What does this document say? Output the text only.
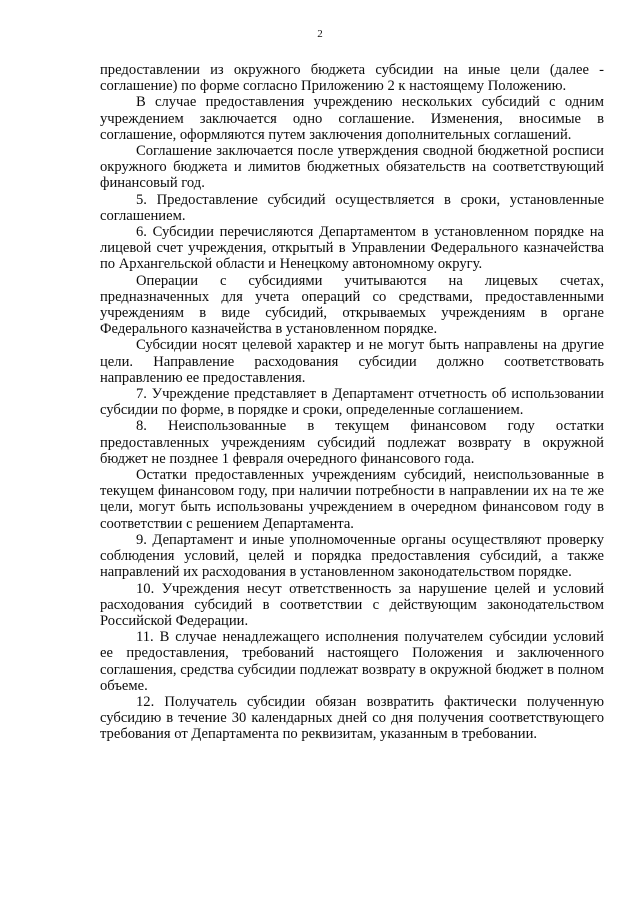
2

предоставлении из окружного бюджета субсидии на иные цели (далее - соглашение) по форме согласно Приложению 2 к настоящему Положению.

В случае предоставления учреждению нескольких субсидий с одним учреждением заключается одно соглашение. Изменения, вносимые в соглашение, оформляются путем заключения дополнительных соглашений.

Соглашение заключается после утверждения сводной бюджетной росписи окружного бюджета и лимитов бюджетных обязательств на соответствующий финансовый год.

5. Предоставление субсидий осуществляется в сроки, установленные соглашением.

6. Субсидии перечисляются Департаментом в установленном порядке на лицевой счет учреждения, открытый в Управлении Федерального казначейства по Архангельской области и Ненецкому автономному округу.

Операции с субсидиями учитываются на лицевых счетах, предназначенных для учета операций со средствами, предоставленными учреждениям в виде субсидий, открываемых учреждениям в органе Федерального казначейства в установленном порядке.

Субсидии носят целевой характер и не могут быть направлены на другие цели. Направление расходования субсидии должно соответствовать направлению ее предоставления.

7. Учреждение представляет в Департамент отчетность об использовании субсидии по форме, в порядке и сроки, определенные соглашением.

8. Неиспользованные в текущем финансовом году остатки предоставленных учреждениям субсидий подлежат возврату в окружной бюджет не позднее 1 февраля очередного финансового года.

Остатки предоставленных учреждениям субсидий, неиспользованные в текущем финансовом году, при наличии потребности в направлении их на те же цели, могут быть использованы учреждением в очередном финансовом году в соответствии с решением Департамента.

9. Департамент и иные уполномоченные органы осуществляют проверку соблюдения условий, целей и порядка предоставления субсидий, а также направлений их расходования в установленном законодательством порядке.

10. Учреждения несут ответственность за нарушение целей и условий расходования субсидий в соответствии с действующим законодательством Российской Федерации.

11. В случае ненадлежащего исполнения получателем субсидии условий ее предоставления, требований настоящего Положения и заключенного соглашения, средства субсидии подлежат возврату в окружной бюджет в полном объеме.

12. Получатель субсидии обязан возвратить фактически полученную субсидию в течение 30 календарных дней со дня получения соответствующего требования от Департамента по реквизитам, указанным в требовании.
